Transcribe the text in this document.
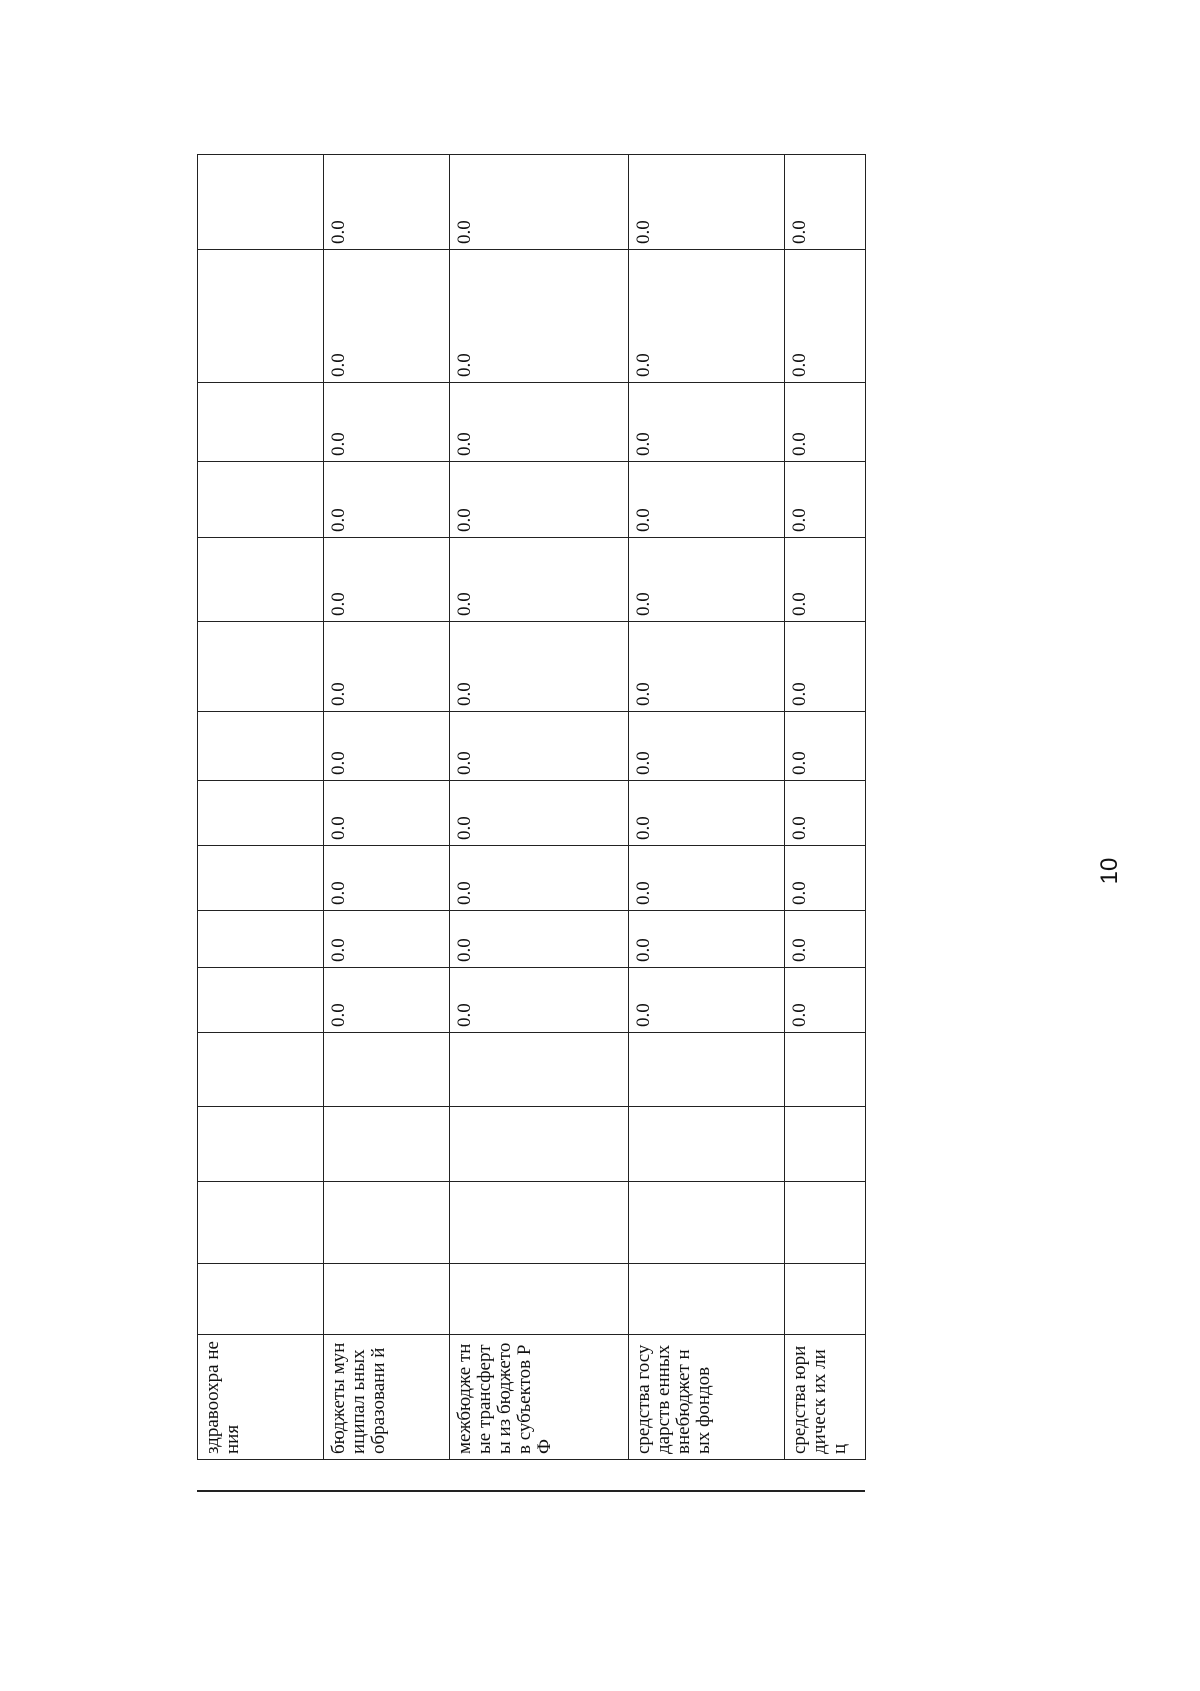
здравоохра нения															
бюджеты муниципал ьных образовани й					0.0	0.0	0.0	0.0	0.0	0.0	0.0	0.0	0.0	0.0	0.0
межбюдже тные трансферты из бюджетов субъектов РФ					0.0	0.0	0.0	0.0	0.0	0.0	0.0	0.0	0.0	0.0	0.0
средства государств енных внебюджет ных фондов					0.0	0.0	0.0	0.0	0.0	0.0	0.0	0.0	0.0	0.0	0.0
средства юридическ их лиц					0.0	0.0	0.0	0.0	0.0	0.0	0.0	0.0	0.0	0.0	0.0
10
